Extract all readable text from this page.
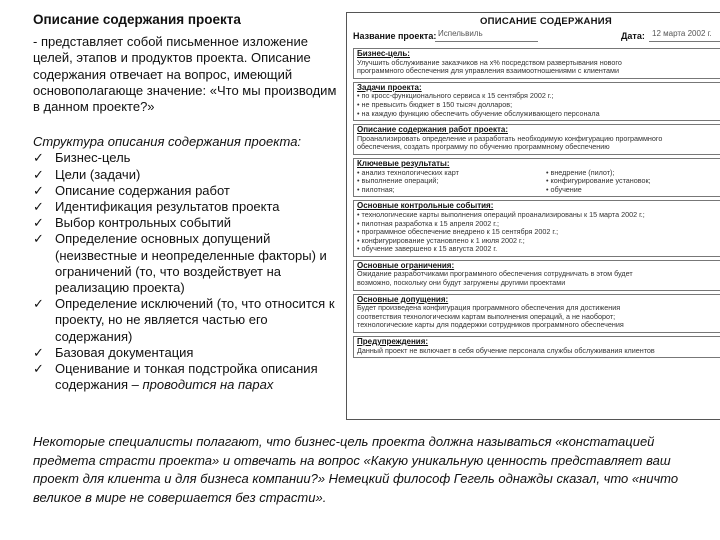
Описание содержания проекта

- представляет собой письменное изложение целей, этапов и продуктов проекта. Описание содержания отвечает на вопрос, имеющий основополагающе значение: «Что мы производим в данном проекте?»

Структура описания содержания проекта:
✓ Бизнес-цель
✓ Цели (задачи)
✓ Описание содержания работ
✓ Идентификация результатов проекта
✓ Выбор контрольных событий
✓ Определение основных допущений (неизвестные и неопределенные факторы) и ограничений (то, что воздействует на реализацию проекта)
✓ Определение исключений (то, что относится к проекту, но не является частью его содержания)
✓ Базовая документация
✓ Оценивание и тонкая подстройка описания содержания – проводится на парах
ОПИСАНИЕ СОДЕРЖАНИЯ
Название проекта: Испельвиль	Дата: 12 марта 2002 г.
Бизнес-цель:
Улучшить обслуживание заказчиков на x% посредством развертывания нового
программного обеспечения для управления взаимоотношениями с клиентами
Задачи проекта:
• по кросс-функционального сервиса к 15 сентября 2002 г.;
• не превысить бюджет в 150 тысяч долларов;
• на каждую функцию обеспечить обучение обслуживающего персонала
Описание содержания работ проекта:
Проанализировать определение и разработать необходимую конфигурацию программного
обеспечения, создать программу по обучению программному обеспечению
Ключевые результаты:
• анализ технологических карт
• выполнение операций;
• пилотная;
• внедрение (пилот);
• конфигурирование установок;
• обучение
Основные контрольные события:
• технологические карты выполнения операций проанализированы к 15 марта 2002 г.;
• пилотная разработка к 15 апреля 2002 г.;
• программное обеспечение внедрено к 15 сентября 2002 г.;
• конфигурирование установлено к 1 июля 2002 г.;
• обучение завершено к 15 августа 2002 г.
Основные ограничения:
Ожидание разработчиками программного обеспечения сотрудничать в этом будет
возможно, поскольку они будут загружены другими проектами
Основные допущения:
Будет произведена конфигурация программного обеспечения для достижения
соответствия технологическим картам выполнения операций, а не наоборот;
технологические карты для поддержки сотрудников программного обеспечения
Предупреждения:
Данный проект не включает в себя обучение персонала службы обслуживания клиентов
Некоторые специалисты полагают, что бизнес-цель проекта должна называться «констатацией предмета страсти проекта» и отвечать на вопрос «Какую уникальную ценность представляет ваш проект для клиента и для бизнеса компании?» Немецкий философ Гегель однажды сказал, что «ничто великое в мире не совершается без страсти».
